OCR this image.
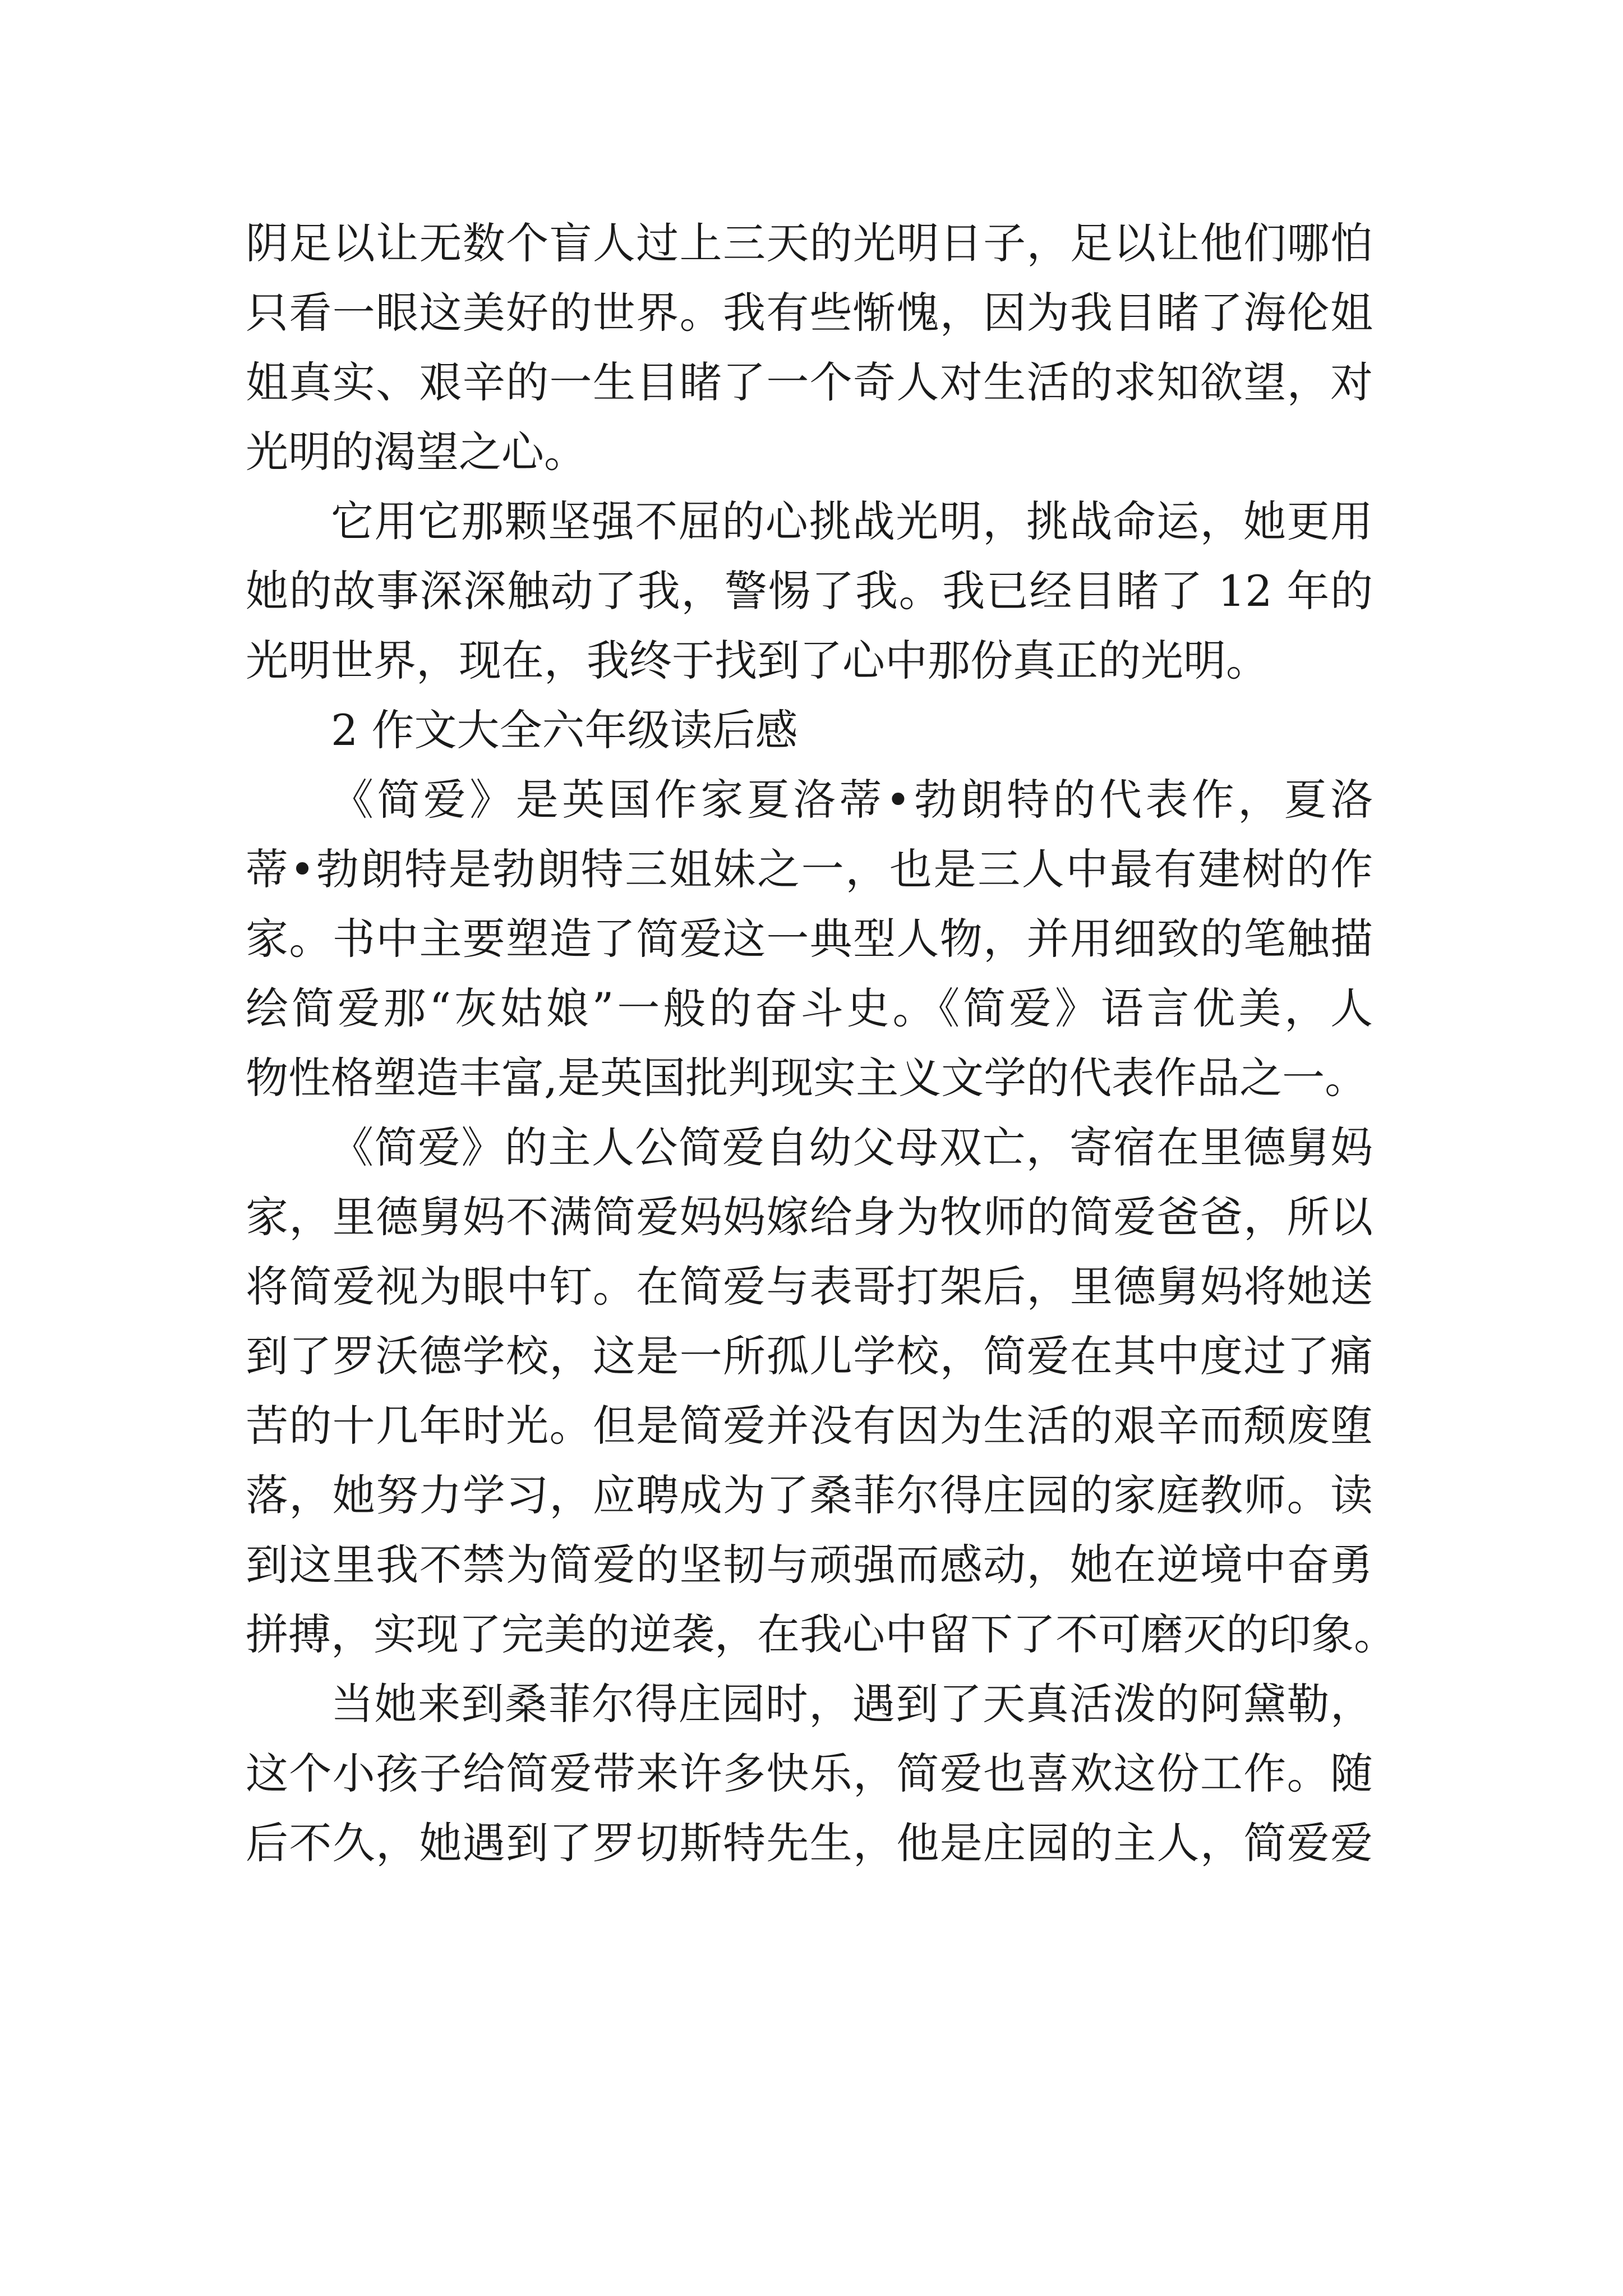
阴足以让无数个盲人过上三天的光明日子，足以让他们哪怕
只看一眼这美好的世界。我有些惭愧，因为我目睹了海伦姐
姐真实、艰辛的一生目睹了一个奇人对生活的求知欲望，对
光明的渴望之心。
它用它那颗坚强不屈的心挑战光明，挑战命运，她更用
她的故事深深触动了我，警惕了我。我已经目睹了 12 年的
光明世界，现在，我终于找到了心中那份真正的光明。
2 作文大全六年级读后感
《简爱》是英国作家夏洛蒂•勃朗特的代表作，夏洛
蒂•勃朗特是勃朗特三姐妹之一，也是三人中最有建树的作
家。书中主要塑造了简爱这一典型人物，并用细致的笔触描
绘简爱那“灰姑娘”一般的奋斗史。《简爱》语言优美，人
物性格塑造丰富,是英国批判现实主义文学的代表作品之一。
《简爱》的主人公简爱自幼父母双亡，寄宿在里德舅妈
家，里德舅妈不满简爱妈妈嫁给身为牧师的简爱爸爸，所以
将简爱视为眼中钉。在简爱与表哥打架后，里德舅妈将她送
到了罗沃德学校，这是一所孤儿学校，简爱在其中度过了痛
苦的十几年时光。但是简爱并没有因为生活的艰辛而颓废堕
落，她努力学习，应聘成为了桑菲尔得庄园的家庭教师。读
到这里我不禁为简爱的坚韧与顽强而感动，她在逆境中奋勇
拼搏，实现了完美的逆袭，在我心中留下了不可磨灭的印象。
当她来到桑菲尔得庄园时，遇到了天真活泼的阿黛勒，
这个小孩子给简爱带来许多快乐，简爱也喜欢这份工作。随
后不久，她遇到了罗切斯特先生，他是庄园的主人，简爱爱
